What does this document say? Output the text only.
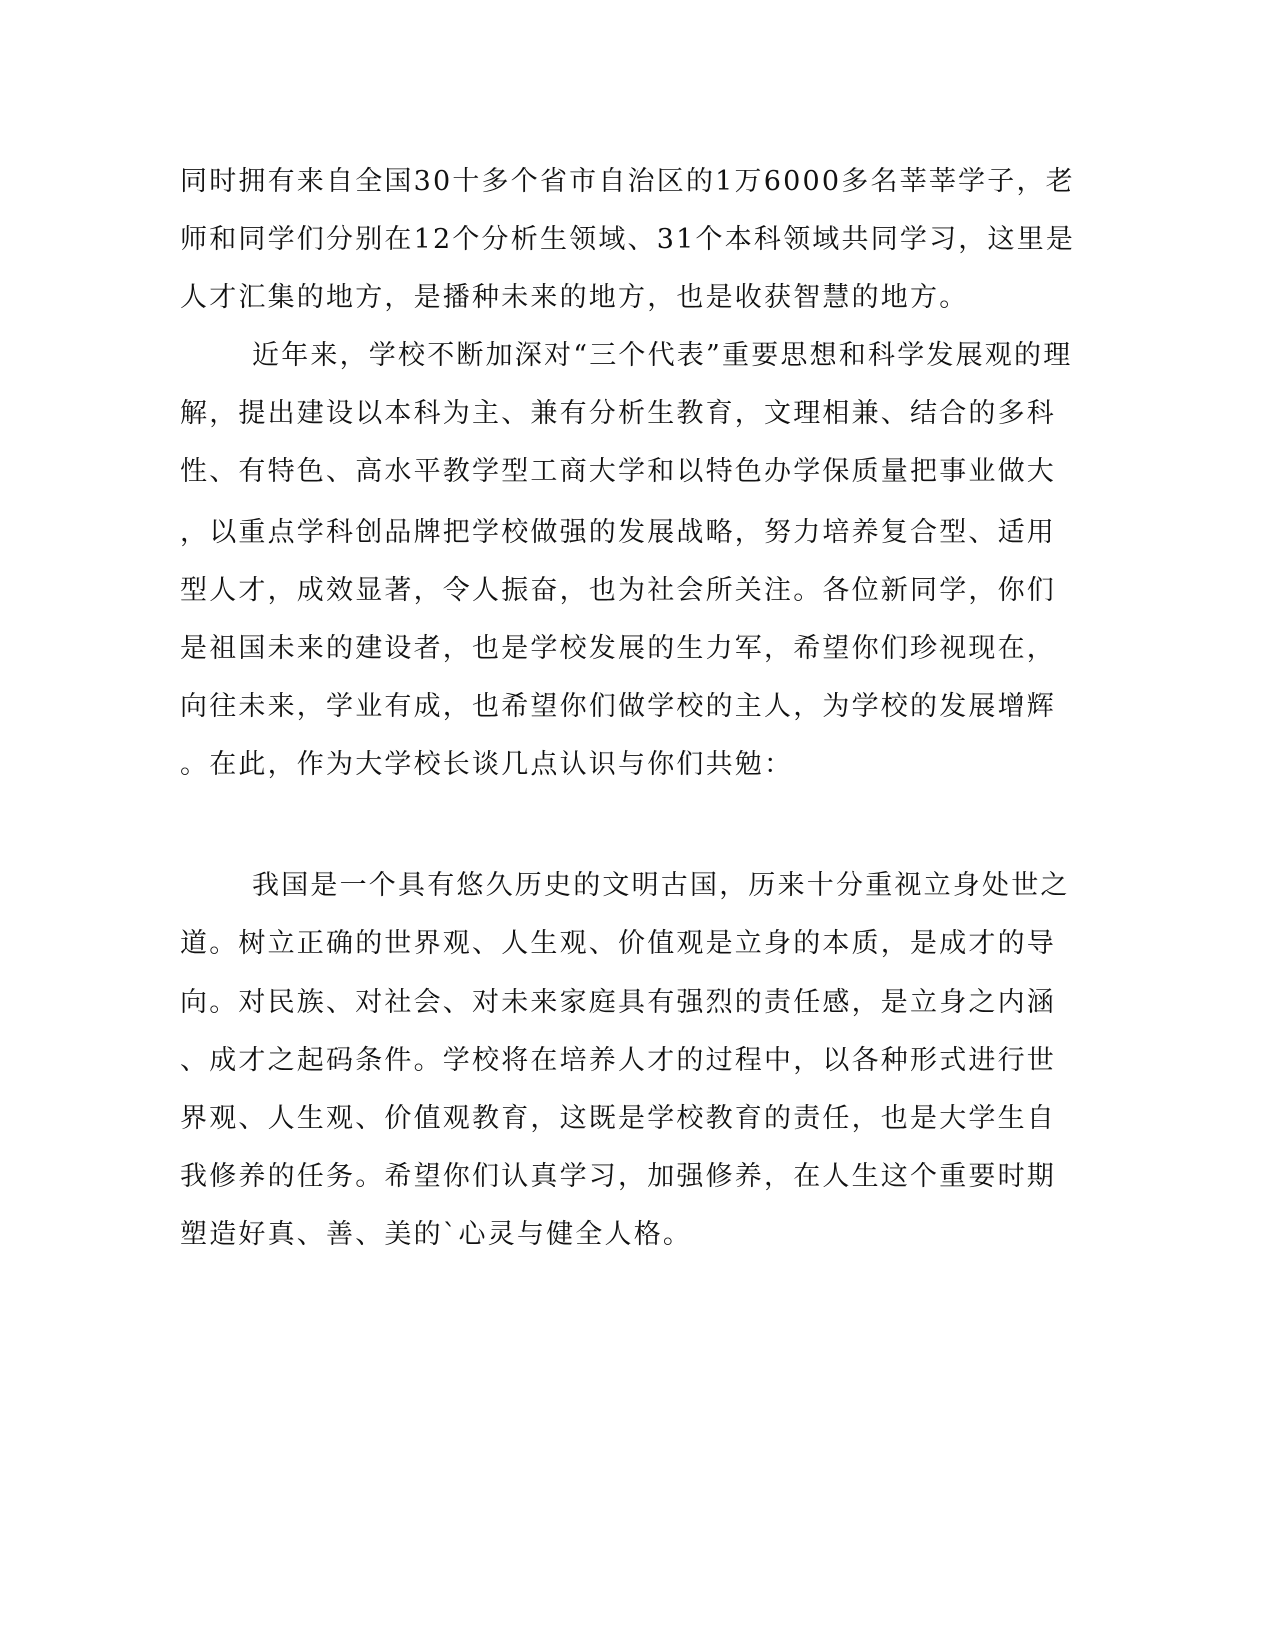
同时拥有来自全国30十多个省市自治区的1万6000多名莘莘学子，老
师和同学们分别在12个分析生领域、31个本科领域共同学习，这里是
人才汇集的地方，是播种未来的地方，也是收获智慧的地方。
近年来，学校不断加深对“三个代表”重要思想和科学发展观的理
解，提出建设以本科为主、兼有分析生教育，文理相兼、结合的多科
性、有特色、高水平教学型工商大学和以特色办学保质量把事业做大
，以重点学科创品牌把学校做强的发展战略，努力培养复合型、适用
型人才，成效显著，令人振奋，也为社会所关注。各位新同学，你们
是祖国未来的建设者，也是学校发展的生力军，希望你们珍视现在，
向往未来，学业有成，也希望你们做学校的主人，为学校的发展增辉
。在此，作为大学校长谈几点认识与你们共勉：
我国是一个具有悠久历史的文明古国，历来十分重视立身处世之
道。树立正确的世界观、人生观、价值观是立身的本质，是成才的导
向。对民族、对社会、对未来家庭具有强烈的责任感，是立身之内涵
、成才之起码条件。学校将在培养人才的过程中，以各种形式进行世
界观、人生观、价值观教育，这既是学校教育的责任，也是大学生自
我修养的任务。希望你们认真学习，加强修养，在人生这个重要时期
塑造好真、善、美的`心灵与健全人格。
